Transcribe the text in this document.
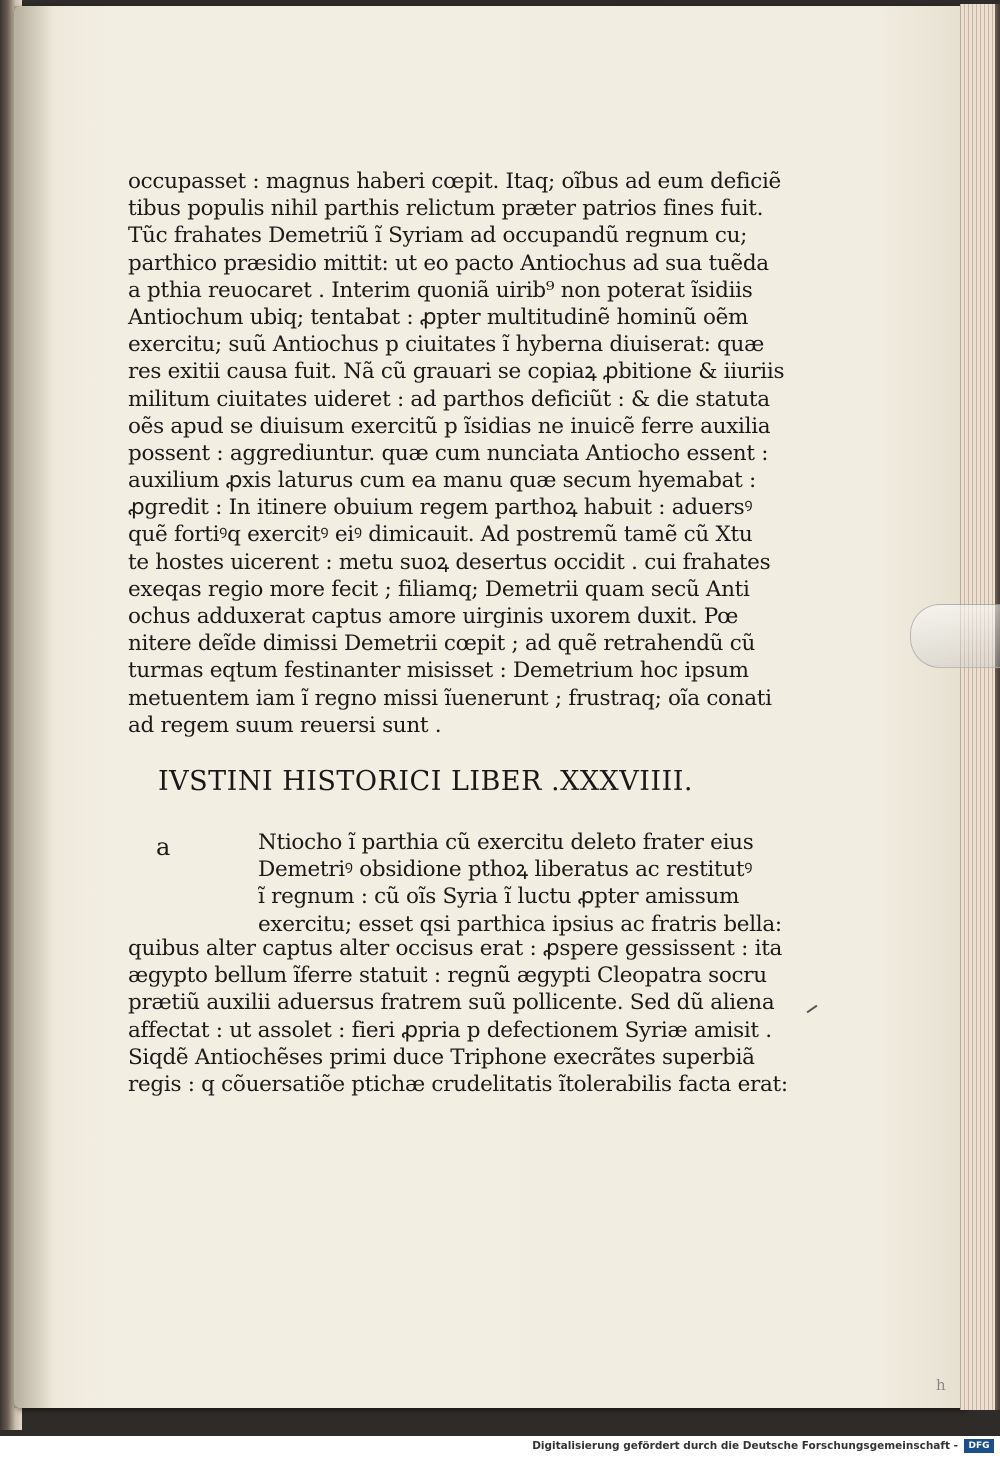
occupasset : magnus haberi cœpit. Itaq; oĩbus ad eum deficiẽ
tibus populis nihil parthis relictum præter patrios fines fuit.
Tũc frahates Demetriũ ĩ Syriam ad occupandũ regnum cu;
parthico præsidio mittit: ut eo pacto Antiochus ad sua tuẽda
a pthia reuocaret . Interim quoniã uirib⁹ non poterat ĩsidiis
Antiochum ubiq; tentabat : ꝓpter multitudinẽ hominũ oẽm
exercitu; suũ Antiochus p ciuitates ĩ hyberna diuiserat: quæ
res exitii causa fuit. Nã cũ grauari se copiaꝝ ꝓbitione & iiuriis
militum ciuitates uideret : ad parthos deficiũt : & die statuta
oẽs apud se diuisum exercitũ p ĩsidias ne inuicẽ ferre auxilia
possent : aggrediuntur. quæ cum nunciata Antiocho essent :
auxilium ꝓxis laturus cum ea manu quæ secum hyemabat :
ꝓgredit : In itinere obuium regem parthoꝝ habuit : aduersꝰ
quẽ fortiꝰq exercitꝰ eiꝰ dimicauit. Ad postremũ tamẽ cũ Xtu
te hostes uicerent : metu suoꝝ desertus occidit . cui frahates
exeqas regio more fecit ; filiamq; Demetrii quam secũ Anti
ochus adduxerat captus amore uirginis uxorem duxit. Pœ
nitere deĩde dimissi Demetrii cœpit ; ad quẽ retrahendũ cũ
turmas eqtum festinanter misisset : Demetrium hoc ipsum
metuentem iam ĩ regno missi ĩuenerunt ; frustraq; oĩa conati
ad regem suum reuersi sunt .
IVSTINI HISTORICI LIBER .XXXVIIII.
a	Ntiocho ĩ parthia cũ exercitu deleto frater eius
Demetriꝰ obsidione pthoꝝ liberatus ac restitutꝰ
ĩ regnum : cũ oĩs Syria ĩ luctu ꝓpter amissum
exercitu; esset qsi parthica ipsius ac fratris bella:
quibus alter captus alter occisus erat : ꝓspere gessissent : ita
ægypto bellum ĩferre statuit : regnũ ægypti Cleopatra socru
prætiũ auxilii aduersus fratrem suũ pollicente. Sed dũ aliena
affectat : ut assolet : fieri ꝓpria p defectionem Syriæ amisit .
Siqdẽ Antiochẽses primi duce Triphone execrãtes superbiã
regis : q cõuersatiõe ptichæ crudelitatis ĩtolerabilis facta erat:
h
Digitalisierung gefördert durch die Deutsche Forschungsgemeinschaft -	DFG
